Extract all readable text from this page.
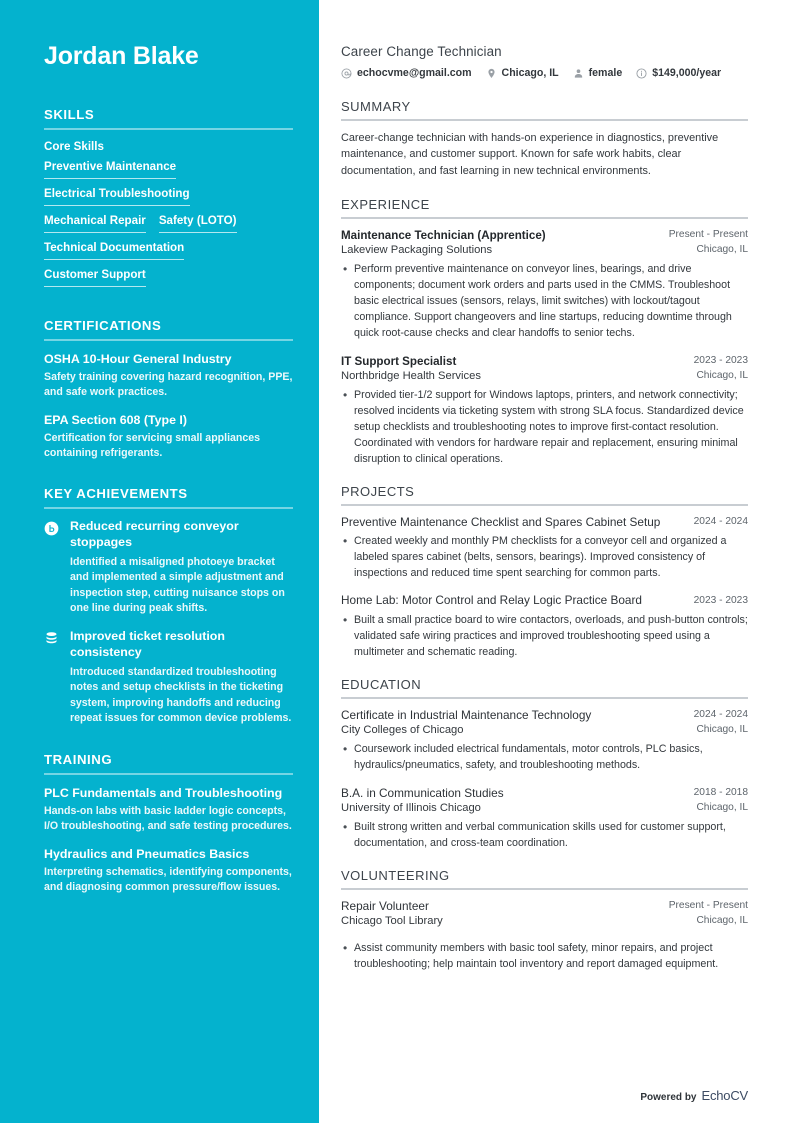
Jordan Blake
SKILLS
Core Skills
Preventive Maintenance
Electrical Troubleshooting
Mechanical Repair Safety (LOTO)
Technical Documentation
Customer Support
CERTIFICATIONS
OSHA 10-Hour General Industry
Safety training covering hazard recognition, PPE, and safe work practices.
EPA Section 608 (Type I)
Certification for servicing small appliances containing refrigerants.
KEY ACHIEVEMENTS
Reduced recurring conveyor stoppages
Identified a misaligned photoeye bracket and implemented a simple adjustment and inspection step, cutting nuisance stops on one line during peak shifts.
Improved ticket resolution consistency
Introduced standardized troubleshooting notes and setup checklists in the ticketing system, improving handoffs and reducing repeat issues for common device problems.
TRAINING
PLC Fundamentals and Troubleshooting
Hands-on labs with basic ladder logic concepts, I/O troubleshooting, and safe testing procedures.
Hydraulics and Pneumatics Basics
Interpreting schematics, identifying components, and diagnosing common pressure/flow issues.
Career Change Technician
echocvme@gmail.com	Chicago, IL	female	$149,000/year
SUMMARY
Career-change technician with hands-on experience in diagnostics, preventive maintenance, and customer support. Known for safe work habits, clear documentation, and fast learning in new technical environments.
EXPERIENCE
Maintenance Technician (Apprentice)	Present - Present
Lakeview Packaging Solutions	Chicago, IL
• Perform preventive maintenance on conveyor lines, bearings, and drive components; document work orders and parts used in the CMMS. Troubleshoot basic electrical issues (sensors, relays, limit switches) with lockout/tagout compliance. Support changeovers and line startups, reducing downtime through quick root-cause checks and clear handoffs to senior techs.
IT Support Specialist	2023 - 2023
Northbridge Health Services	Chicago, IL
• Provided tier-1/2 support for Windows laptops, printers, and network connectivity; resolved incidents via ticketing system with strong SLA focus. Standardized device setup checklists and troubleshooting notes to improve first-contact resolution. Coordinated with vendors for hardware repair and replacement, ensuring minimal disruption to clinical operations.
PROJECTS
Preventive Maintenance Checklist and Spares Cabinet Setup	2024 - 2024
• Created weekly and monthly PM checklists for a conveyor cell and organized a labeled spares cabinet (belts, sensors, bearings). Improved consistency of inspections and reduced time spent searching for common parts.
Home Lab: Motor Control and Relay Logic Practice Board	2023 - 2023
• Built a small practice board to wire contactors, overloads, and push-button controls; validated safe wiring practices and improved troubleshooting speed using a multimeter and schematic reading.
EDUCATION
Certificate in Industrial Maintenance Technology	2024 - 2024
City Colleges of Chicago	Chicago, IL
• Coursework included electrical fundamentals, motor controls, PLC basics, hydraulics/pneumatics, safety, and troubleshooting methods.
B.A. in Communication Studies	2018 - 2018
University of Illinois Chicago	Chicago, IL
• Built strong written and verbal communication skills used for customer support, documentation, and cross-team coordination.
VOLUNTEERING
Repair Volunteer	Present - Present
Chicago Tool Library	Chicago, IL
• Assist community members with basic tool safety, minor repairs, and project troubleshooting; help maintain tool inventory and report damaged equipment.
Powered by EchoCV
